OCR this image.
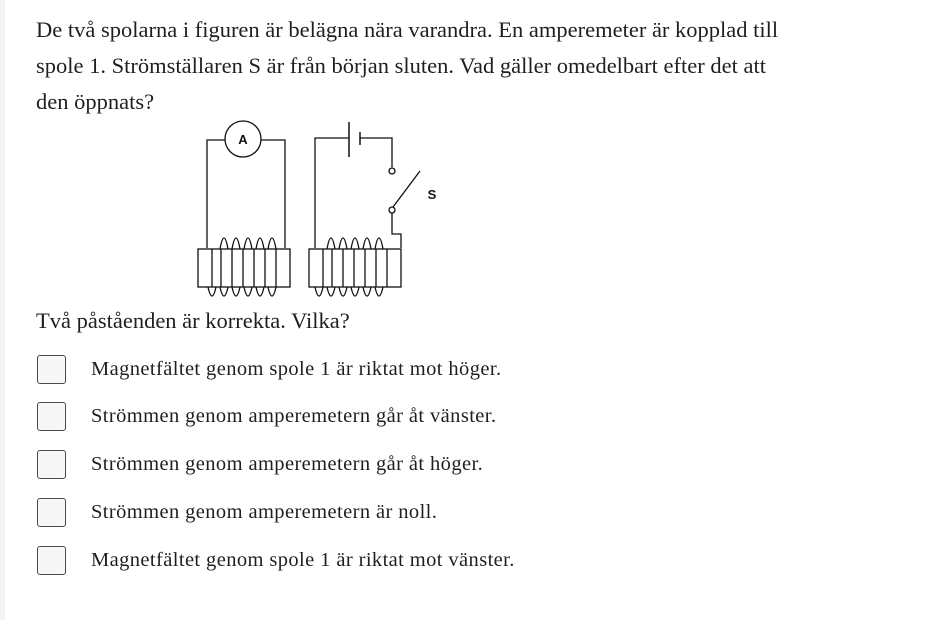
De två spolarna i figuren är belägna nära varandra. En amperemeter är kopplad till spole 1. Strömställaren S är från början sluten. Vad gäller omedelbart efter det att den öppnats?

A
S

Två påståenden är korrekta. Vilka?

Magnetfältet genom spole 1 är riktat mot höger.
Strömmen genom amperemetern går åt vänster.
Strömmen genom amperemetern går åt höger.
Strömmen genom amperemetern är noll.
Magnetfältet genom spole 1 är riktat mot vänster.
